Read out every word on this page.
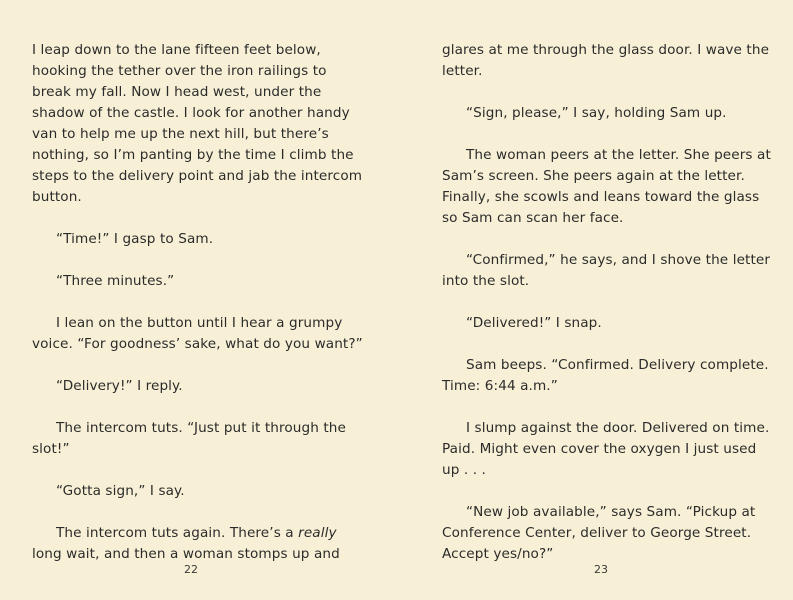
I leap down to the lane fifteen feet below, hooking the tether over the iron railings to break my fall. Now I head west, under the shadow of the castle. I look for another handy van to help me up the next hill, but there’s nothing, so I’m panting by the time I climb the steps to the delivery point and jab the intercom button.

“Time!” I gasp to Sam.

“Three minutes.”

I lean on the button until I hear a grumpy voice. “For goodness’ sake, what do you want?”

“Delivery!” I reply.

The intercom tuts. “Just put it through the slot!”

“Gotta sign,” I say.

The intercom tuts again. There’s a really long wait, and then a woman stomps up and

22

glares at me through the glass door. I wave the letter.

“Sign, please,” I say, holding Sam up.

The woman peers at the letter. She peers at Sam’s screen. She peers again at the letter. Finally, she scowls and leans toward the glass so Sam can scan her face.

“Confirmed,” he says, and I shove the letter into the slot.

“Delivered!” I snap.

Sam beeps. “Confirmed. Delivery complete. Time: 6:44 a.m.”

I slump against the door. Delivered on time. Paid. Might even cover the oxygen I just used up . . .

“New job available,” says Sam. “Pickup at Conference Center, deliver to George Street. Accept yes/no?”

23
